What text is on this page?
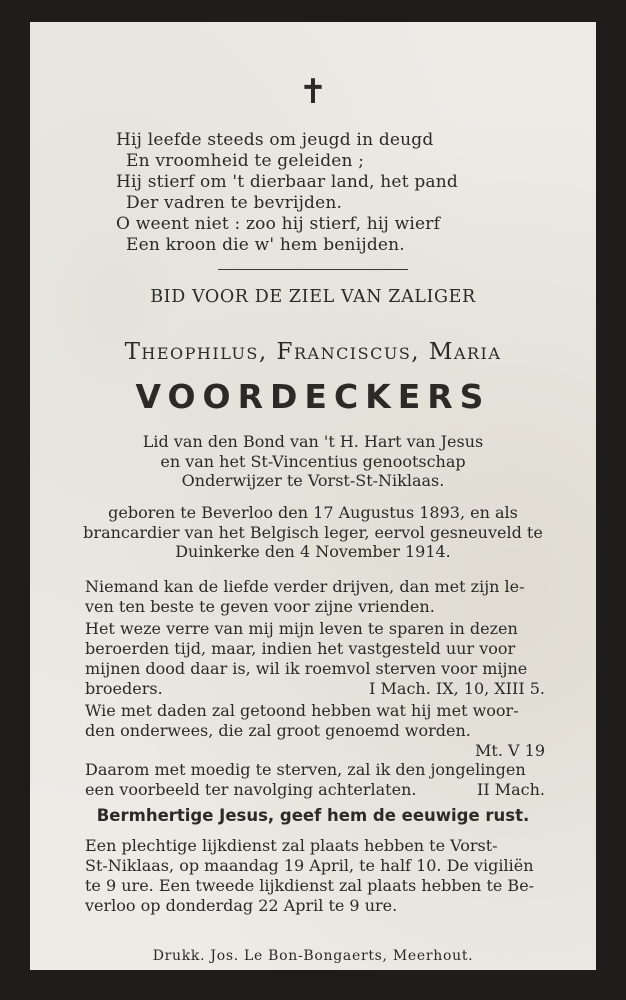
✝
Hij leefde steeds om jeugd in deugd
En vroomheid te geleiden ;
Hij stierf om 't dierbaar land, het pand
Der vadren te bevrijden.
O weent niet : zoo hij stierf, hij wierf
Een kroon die w' hem benijden.
BID VOOR DE ZIEL VAN ZALIGER
Theophilus, Franciscus, Maria
VOORDECKERS
Lid van den Bond van 't H. Hart van Jesus
en van het St-Vincentius genootschap
Onderwijzer te Vorst-St-Niklaas.
geboren te Beverloo den 17 Augustus 1893, en als
brancardier van het Belgisch leger, eervol gesneuveld te
Duinkerke den 4 November 1914.
Niemand kan de liefde verder drijven, dan met zijn le-
ven ten beste te geven voor zijne vrienden.
Het weze verre van mij mijn leven te sparen in dezen
beroerden tijd, maar, indien het vastgesteld uur voor
mijnen dood daar is, wil ik roemvol sterven voor mijne
broeders.	I Mach. IX, 10, XIII 5.
Wie met daden zal getoond hebben wat hij met woor-
den onderwees, die zal groot genoemd worden.
Mt. V 19
Daarom met moedig te sterven, zal ik den jongelingen
een voorbeeld ter navolging achterlaten.	II Mach.
Bermhertige Jesus, geef hem de eeuwige rust.
Een plechtige lijkdienst zal plaats hebben te Vorst-
St-Niklaas, op maandag 19 April, te half 10. De vigiliën
te 9 ure. Een tweede lijkdienst zal plaats hebben te Be-
verloo op donderdag 22 April te 9 ure.
Drukk. Jos. Le Bon-Bongaerts, Meerhout.
